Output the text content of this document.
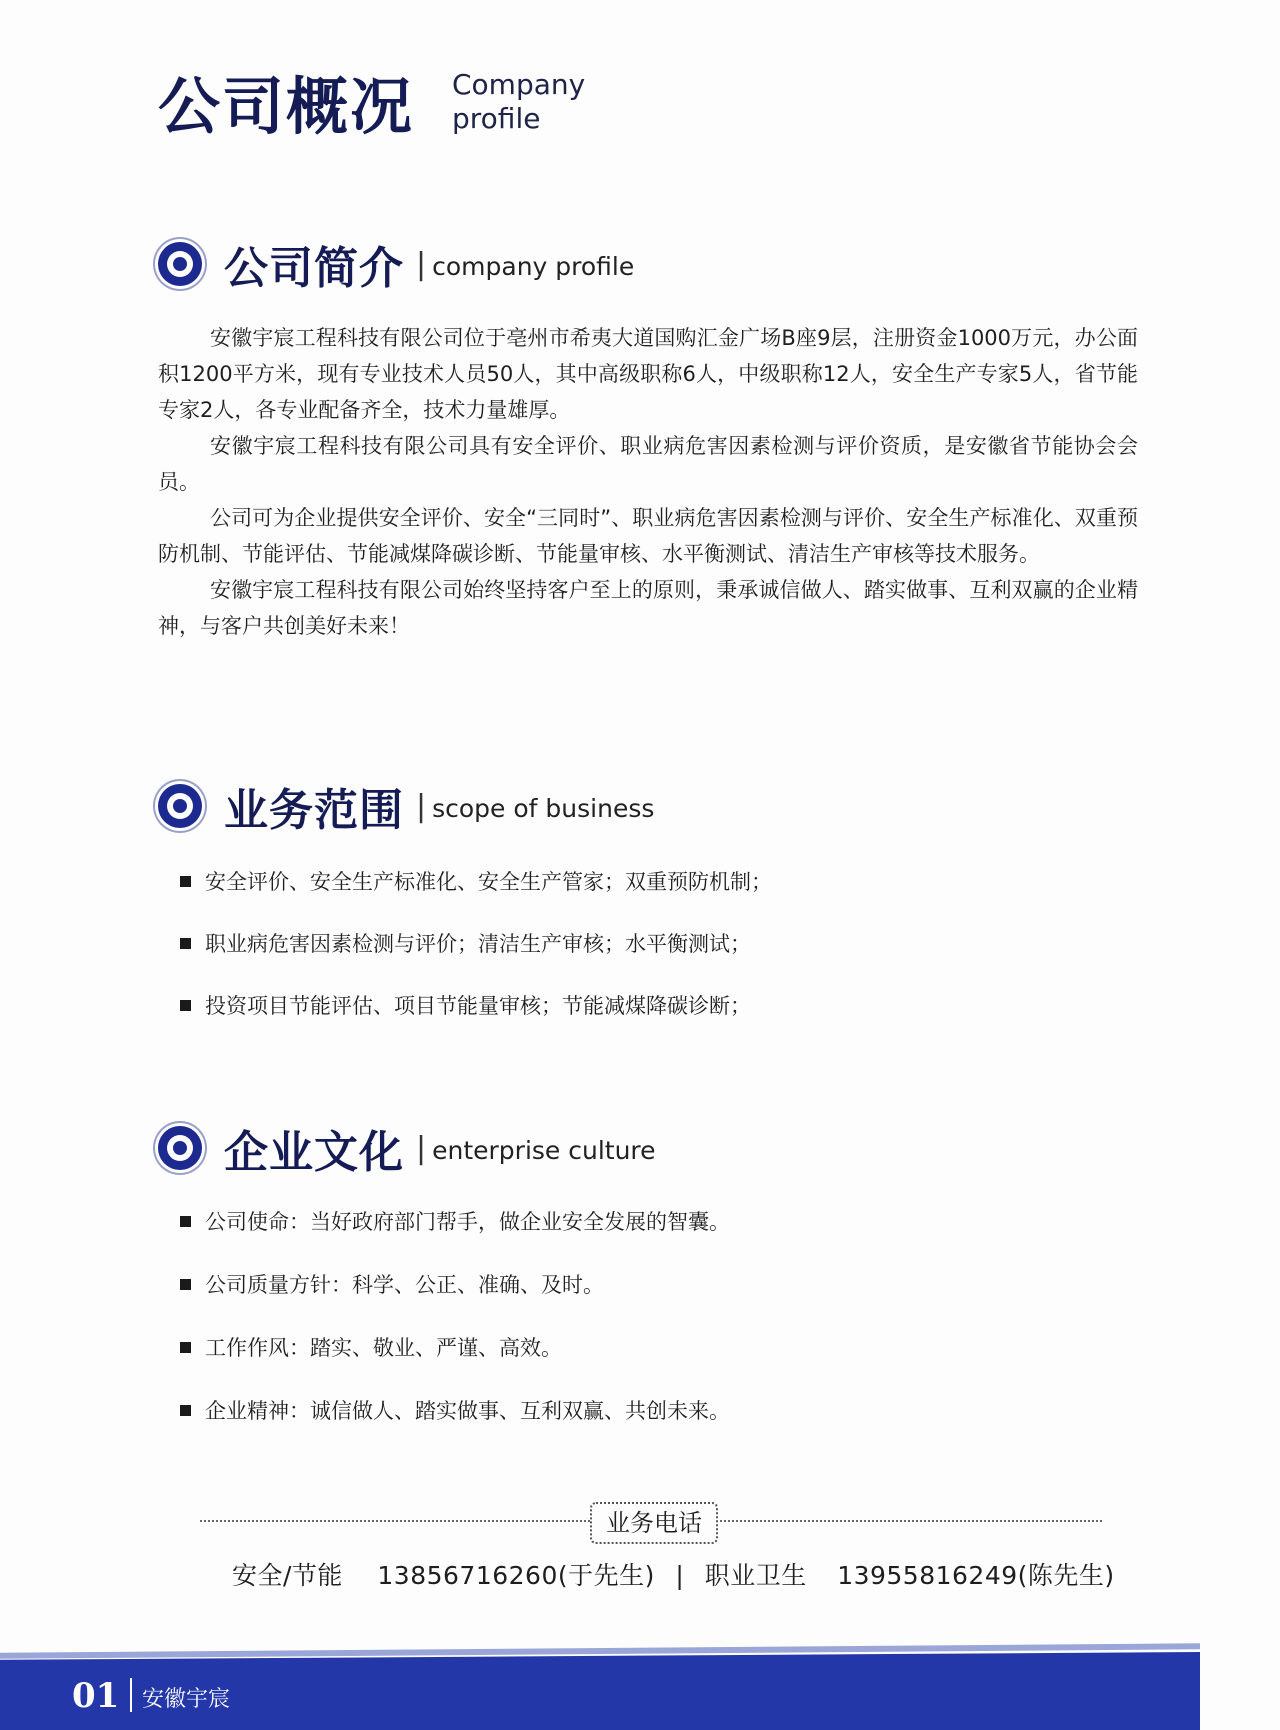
公司概况 Company
profile
公司简介 | company profile

安徽宇宸工程科技有限公司位于亳州市希夷大道国购汇金广场B座9层，注册资金1000万元，办公面积1200平方米，现有专业技术人员50人，其中高级职称6人，中级职称12人，安全生产专家5人，省节能专家2人，各专业配备齐全，技术力量雄厚。

安徽宇宸工程科技有限公司具有安全评价、职业病危害因素检测与评价资质，是安徽省节能协会会员。

公司可为企业提供安全评价、安全“三同时”、职业病危害因素检测与评价、安全生产标准化、双重预防机制、节能评估、节能减煤降碳诊断、节能量审核、水平衡测试、清洁生产审核等技术服务。

安徽宇宸工程科技有限公司始终坚持客户至上的原则，秉承诚信做人、踏实做事、互利双赢的企业精神，与客户共创美好未来！

业务范围 | scope of business
安全评价、安全生产标准化、安全生产管家；双重预防机制；
职业病危害因素检测与评价；清洁生产审核；水平衡测试；
投资项目节能评估、项目节能量审核；节能减煤降碳诊断；
企业文化 | enterprise culture
公司使命：当好政府部门帮手，做企业安全发展的智囊。
公司质量方针：科学、公正、准确、及时。
工作作风：踏实、敬业、严谨、高效。
企业精神：诚信做人、踏实做事、互利双赢、共创未来。
业务电话
安全/节能 13856716260(于先生) | 职业卫生 13955816249(陈先生)
01 安徽宇宸
